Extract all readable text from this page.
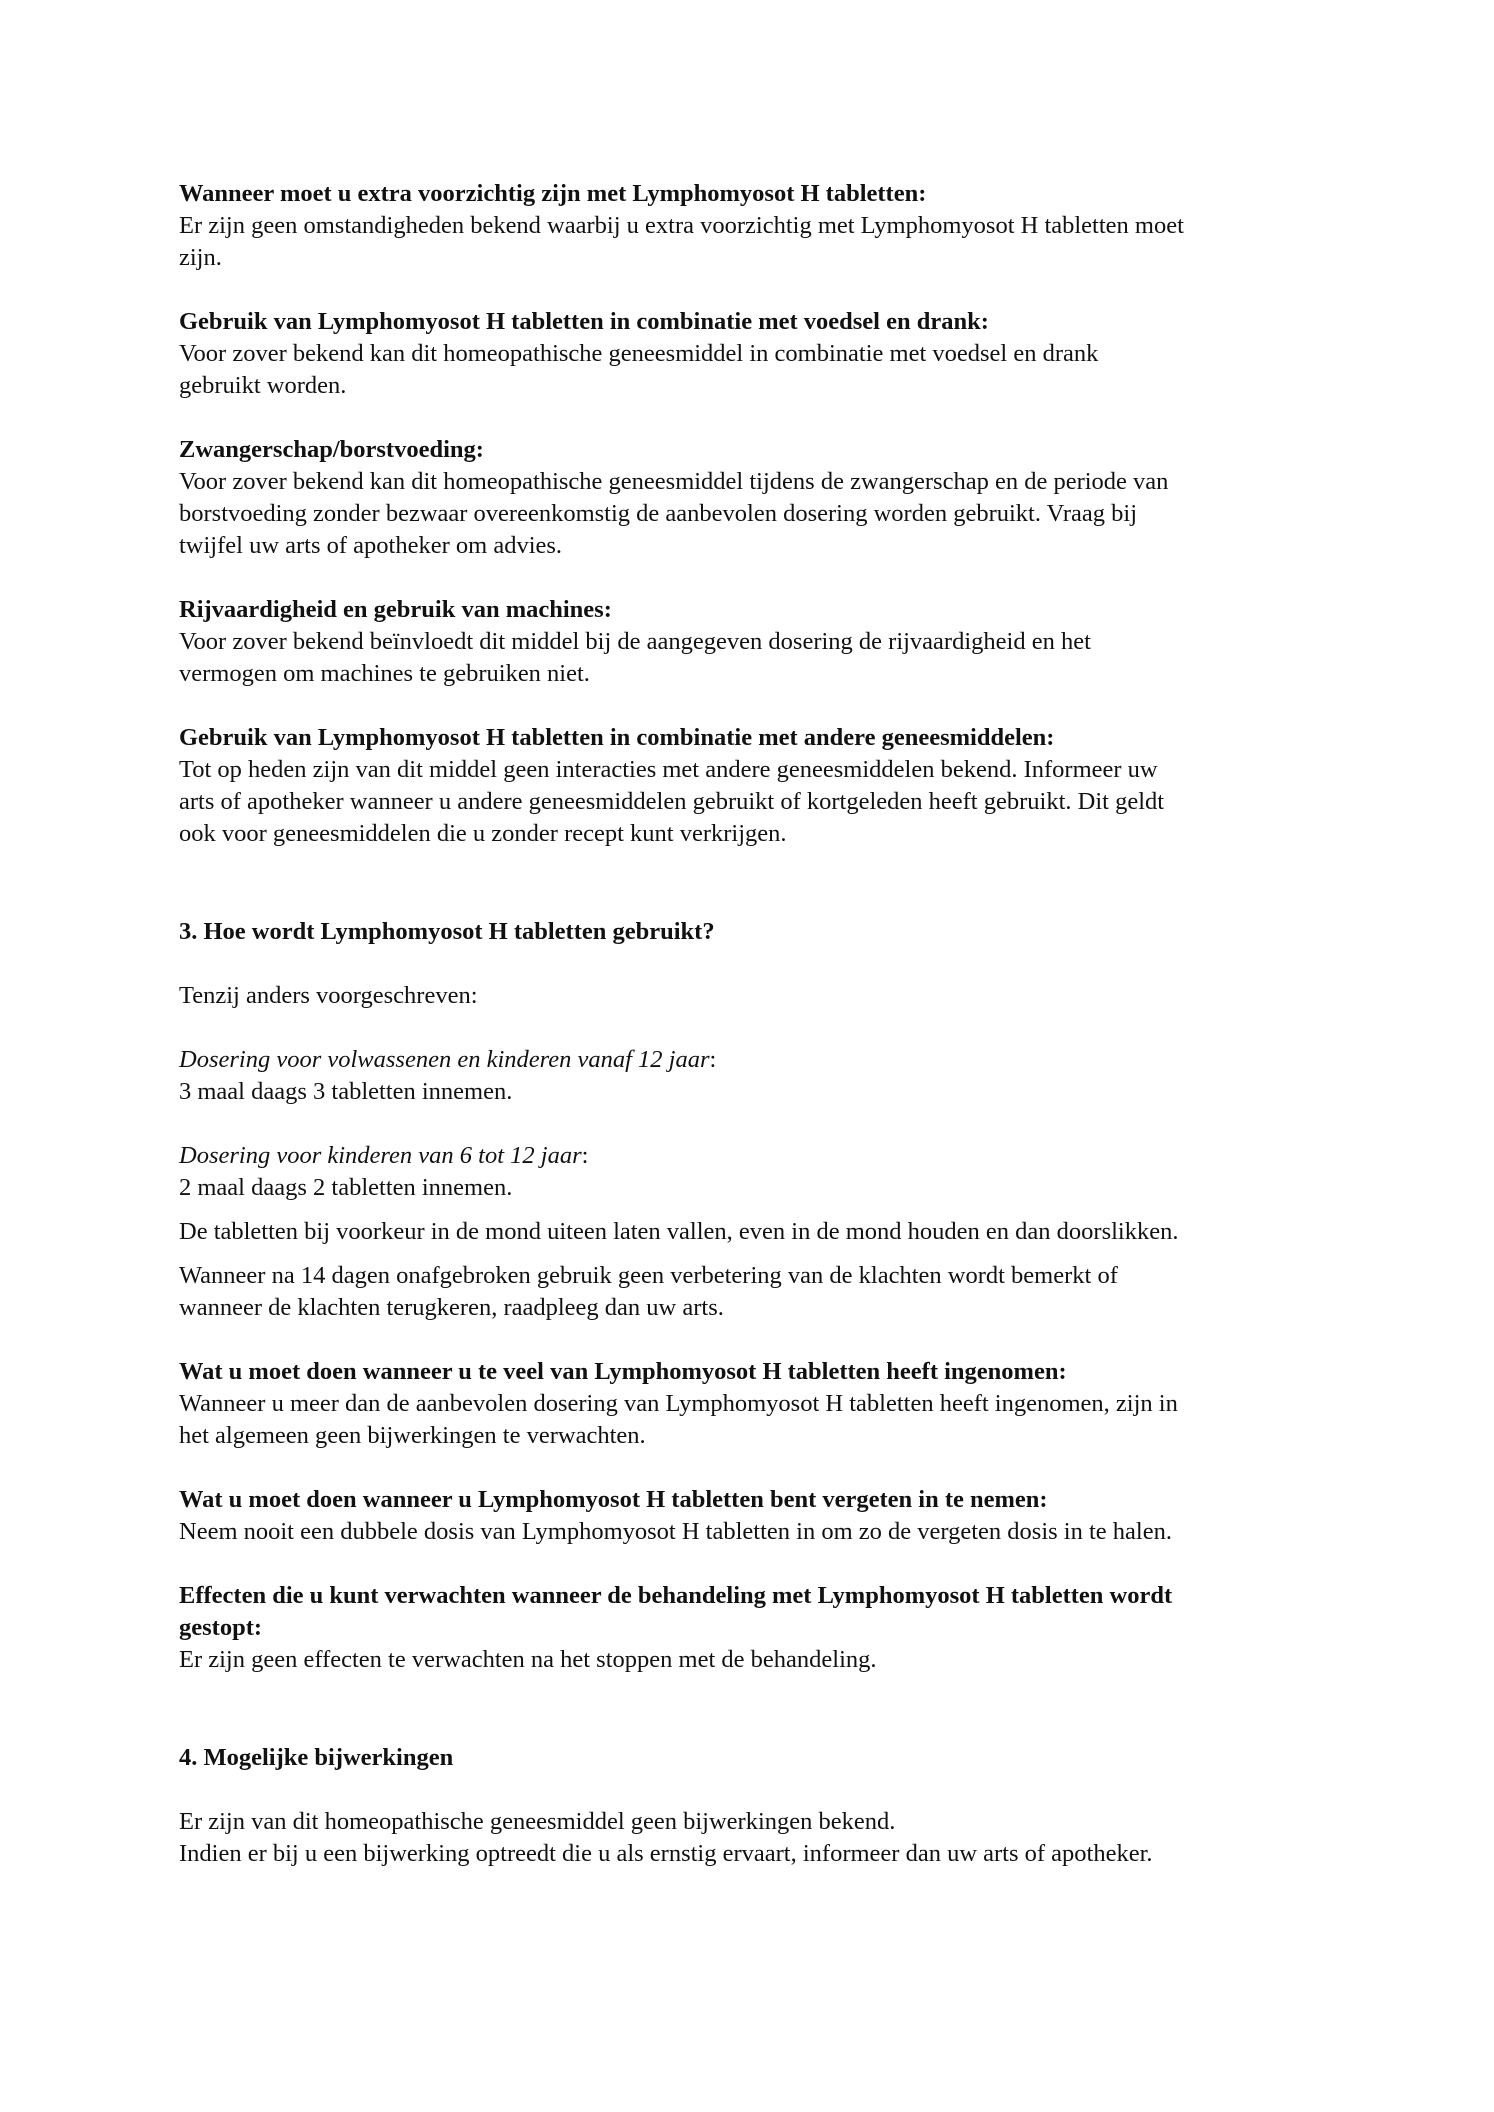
Wanneer moet u extra voorzichtig zijn met Lymphomyosot H tabletten:
Er zijn geen omstandigheden bekend waarbij u extra voorzichtig met Lymphomyosot H tabletten moet
zijn.
Gebruik van Lymphomyosot H tabletten in combinatie met voedsel en drank:
Voor zover bekend kan dit homeopathische geneesmiddel in combinatie met voedsel en drank
gebruikt worden.
Zwangerschap/borstvoeding:
Voor zover bekend kan dit homeopathische geneesmiddel tijdens de zwangerschap en de periode van
borstvoeding zonder bezwaar overeenkomstig de aanbevolen dosering worden gebruikt. Vraag bij
twijfel uw arts of apotheker om advies.
Rijvaardigheid en gebruik van machines:
Voor zover bekend beïnvloedt dit middel bij de aangegeven dosering de rijvaardigheid en het
vermogen om machines te gebruiken niet.
Gebruik van Lymphomyosot H tabletten in combinatie met andere geneesmiddelen:
Tot op heden zijn van dit middel geen interacties met andere geneesmiddelen bekend. Informeer uw
arts of apotheker wanneer u andere geneesmiddelen gebruikt of kortgeleden heeft gebruikt. Dit geldt
ook voor geneesmiddelen die u zonder recept kunt verkrijgen.
3. Hoe wordt Lymphomyosot H tabletten gebruikt?
Tenzij anders voorgeschreven:

Dosering voor volwassenen en kinderen vanaf 12 jaar:

3 maal daags 3 tabletten innemen.

Dosering voor kinderen van 6 tot 12 jaar:

2 maal daags 2 tabletten innemen.
De tabletten bij voorkeur in de mond uiteen laten vallen, even in de mond houden en dan doorslikken.
Wanneer na 14 dagen onafgebroken gebruik geen verbetering van de klachten wordt bemerkt of
wanneer de klachten terugkeren, raadpleeg dan uw arts.
Wat u moet doen wanneer u te veel van Lymphomyosot H tabletten heeft ingenomen:
Wanneer u meer dan de aanbevolen dosering van Lymphomyosot H tabletten heeft ingenomen, zijn in
het algemeen geen bijwerkingen te verwachten.
Wat u moet doen wanneer u Lymphomyosot H tabletten bent vergeten in te nemen:
Neem nooit een dubbele dosis van Lymphomyosot H tabletten in om zo de vergeten dosis in te halen.
Effecten die u kunt verwachten wanneer de behandeling met Lymphomyosot H tabletten wordt
gestopt:
Er zijn geen effecten te verwachten na het stoppen met de behandeling.
4. Mogelijke bijwerkingen
Er zijn van dit homeopathische geneesmiddel geen bijwerkingen bekend.
Indien er bij u een bijwerking optreedt die u als ernstig ervaart, informeer dan uw arts of apotheker.
